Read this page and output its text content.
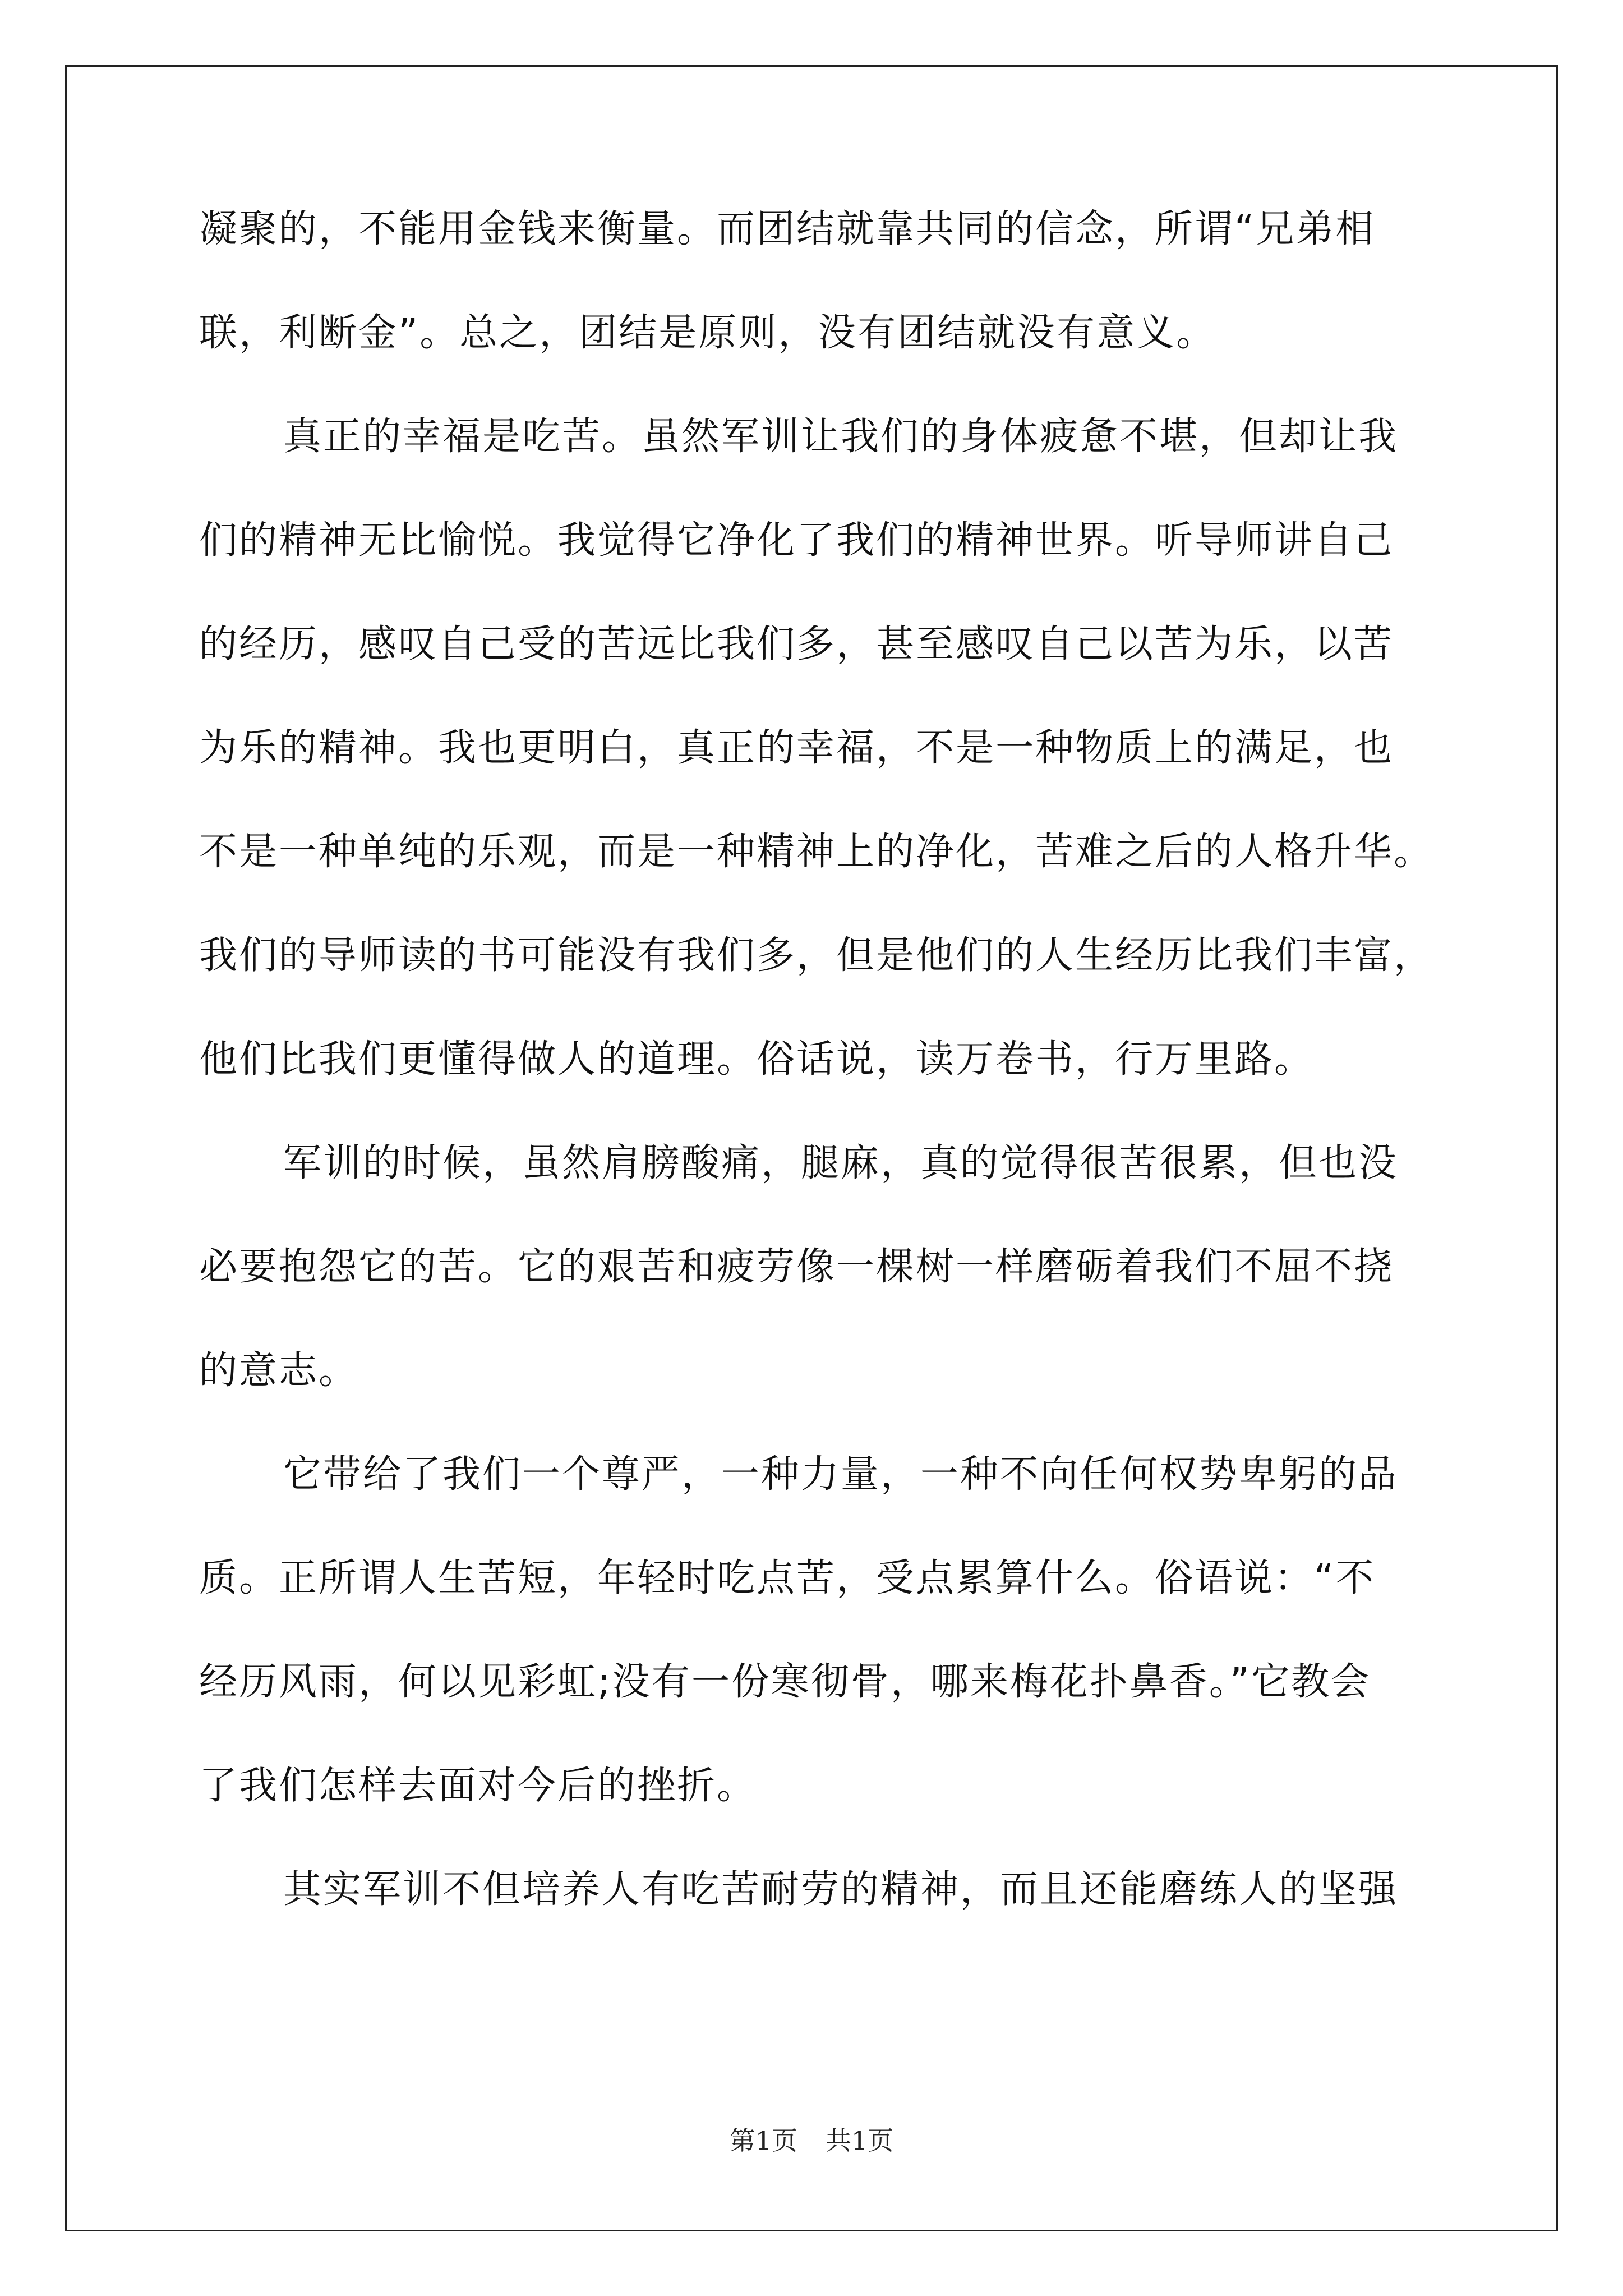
凝聚的，不能用金钱来衡量。而团结就靠共同的信念，所谓“兄弟相
联，利断金”。总之，团结是原则，没有团结就没有意义。
真正的幸福是吃苦。虽然军训让我们的身体疲惫不堪，但却让我
们的精神无比愉悦。我觉得它净化了我们的精神世界。听导师讲自己
的经历，感叹自己受的苦远比我们多，甚至感叹自己以苦为乐，以苦
为乐的精神。我也更明白，真正的幸福，不是一种物质上的满足，也
不是一种单纯的乐观，而是一种精神上的净化，苦难之后的人格升华。
我们的导师读的书可能没有我们多，但是他们的人生经历比我们丰富，
他们比我们更懂得做人的道理。俗话说，读万卷书，行万里路。
军训的时候，虽然肩膀酸痛，腿麻，真的觉得很苦很累，但也没
必要抱怨它的苦。它的艰苦和疲劳像一棵树一样磨砺着我们不屈不挠
的意志。
它带给了我们一个尊严，一种力量，一种不向任何权势卑躬的品
质。正所谓人生苦短，年轻时吃点苦，受点累算什么。俗语说：“不
经历风雨，何以见彩虹;没有一份寒彻骨，哪来梅花扑鼻香。”它教会
了我们怎样去面对今后的挫折。
其实军训不但培养人有吃苦耐劳的精神，而且还能磨练人的坚强
第1页 共1页
